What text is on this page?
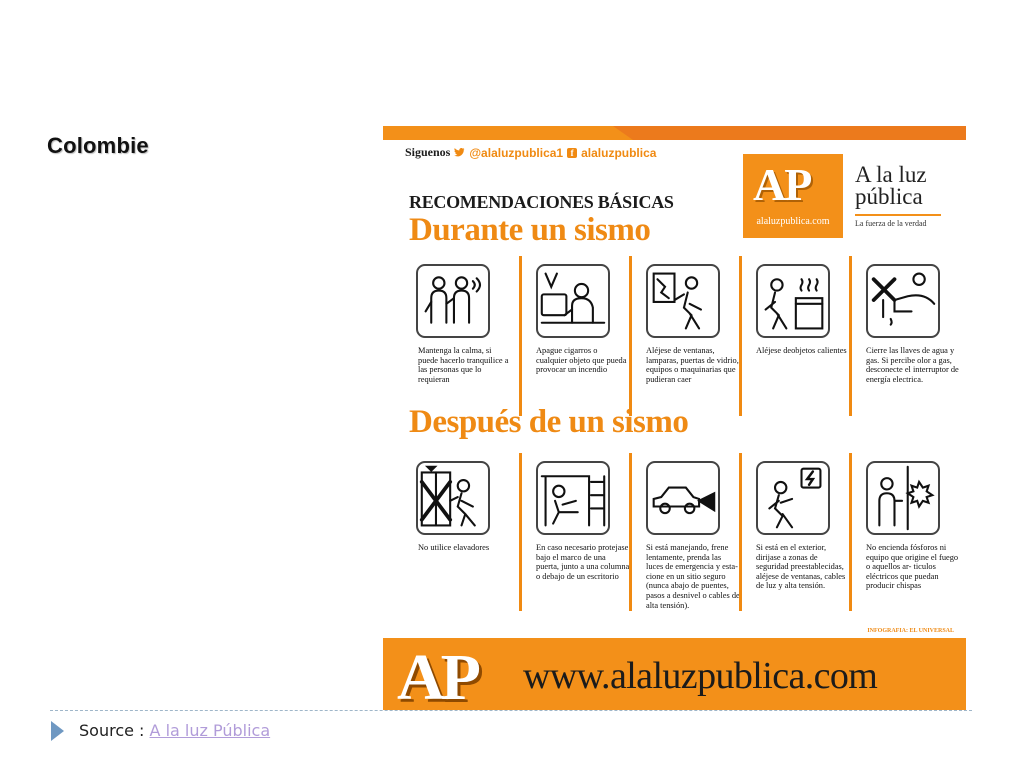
Colombie	Siguenos @alaluzpublica1 f alaluzpublica
AP
alaluzpublica.com
A la luz pública
La fuerza de la verdad
RECOMENDACIONES BÁSICAS
Durante un sismo
Mantenga la calma, si puede hacerlo tranquilice a las personas que lo requieran
Apague cigarros o cualquier objeto que pueda provocar un incendio
Aléjese de ventanas, lamparas, puertas de vidrio, equipos o maquinarias que pudieran caer
Aléjese deobjetos calientes	Cierre las llaves de agua y gas. Si percibe olor a gas, desconecte el interruptor de energía electrica.
Después de un sismo
No utilice elavadores	En caso necesario protejase bajo el marco de una puerta, junto a una columna o debajo de un escritorio
Si está manejando, frene lentamente, prenda las luces de emergencia y esta- cione en un sitio seguro (nunca abajo de puentes, pasos a desnivel o cables de alta tensión).
Si está en el exterior, dirijase a zonas de seguridad preestablecidas, aléjese de ventanas, cables de luz y alta tensión.
No encienda fósforos ni equipo que origine el fuego o aquellos ar- ticulos eléctricos que puedan producir chispas
INFOGRAFIA: EL UNIVERSAL
AP www.alaluzpublica.com
Source : A la luz Pública
